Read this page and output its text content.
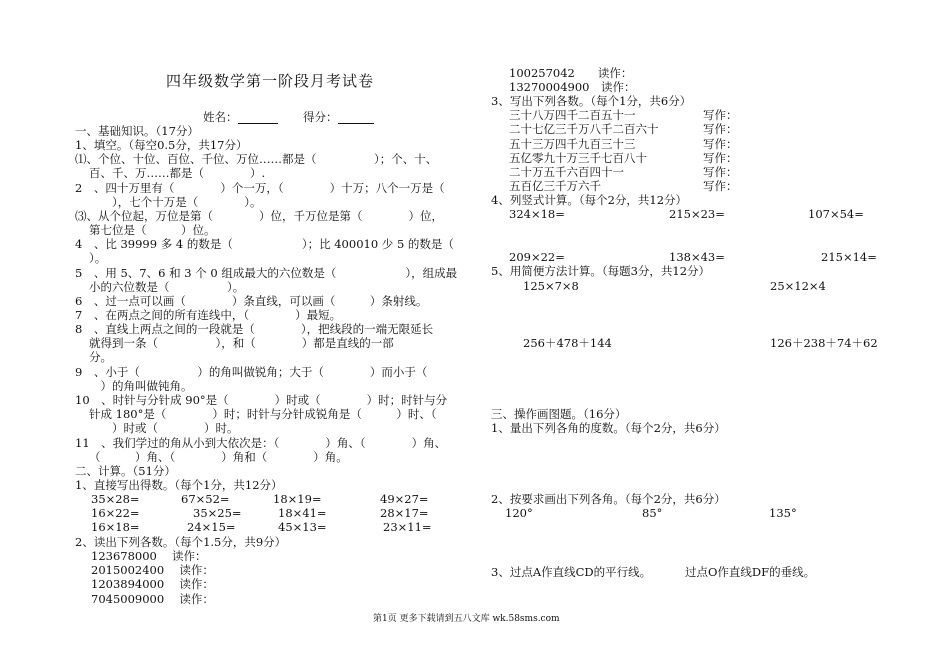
四年级数学第一阶段月考试卷
姓名：	得分：
一、基础知识。（17分）
1、填空。（每空0.5分，共17分）
⑴、个位、十位、百位、千位、万位……都是（　　　　　）；个、十、
百、千、万……都是（　　　　）.
2　、四十万里有（　　　　）个一万，（　　　　）十万；八个一万是（
　　），七个十万是（　　　　）。
⑶、从个位起，万位是第（　　　　）位，千万位是第（　　　　）位，
第七位是（　　　）位。
4　、比 39999 多 4 的数是（　　　　　　）；比 400010 少 5 的数是（
）。
5　、用 5、7、6 和 3 个 0 组成最大的六位数是（　　　　　　），组成最
小的六位数是（　　　　　）。
6　、过一点可以画（　　　　）条直线，可以画（　　　）条射线。
7　、在两点之间的所有连线中，（　　　　）最短。
8　、直线上两点之间的一段就是（　　　　），把线段的一端无限延长
就得到一条（　　　　　），和（　　　　）都是直线的一部
分。
9　、小于（　　　　　）的角叫做锐角；大于（　　　　）而小于（
　）的角叫做钝角。
10　、时针与分针成 90°是（　　　　）时或（　　　　）时；时针与分
针成 180°是（　　　　）时；时针与分针成锐角是（　　　）时、（
　　）时或（　　　　）时。
11　、我们学过的角从小到大依次是：（　　　　）角、（　　　　）角、
（　　　）角、（　　　　）角和（　　　　）角。
二、计算。（51分）
1、直接写出得数。（每个1分，共12分）
35×28=	67×52=	18×19=	49×27=
16×22=	35×25=	18×41=	28×17=
16×18=	24×15=	45×13=	23×11=
2、读出下列各数。（每个1.5分，共9分）
123678000　 读作：
2015002400　 读作：
1203894000　 读作：
7045009000　 读作：
100257042　　 读作：
13270004900　 读作：
3、写出下列各数。（每个1分，共6分）
三十八万四千二百五十一	写作：
二十七亿三千万八千二百六十	写作：
五十三万四千九百三十三	写作：
五亿零九十万三千七百八十	写作：
二十万五千六百四十一	写作：
五百亿三千万六千	写作：
4、列竖式计算。（每个2分，共12分）
324×18=	215×23=	107×54=
209×22=	138×43=	215×14=
5、用简便方法计算。（每题3分，共12分）
125×7×8	25×12×4
256＋478＋144	126＋238＋74＋62
三、操作画图题。（16分）
1、量出下列各角的度数。（每个2分，共6分）
2、按要求画出下列各角。（每个2分，共6分）
120°	85°	135°
3、过点A作直线CD的平行线。	过点O作直线DF的垂线。
第1页 更多下载请到五八文库 wk.58sms.com
